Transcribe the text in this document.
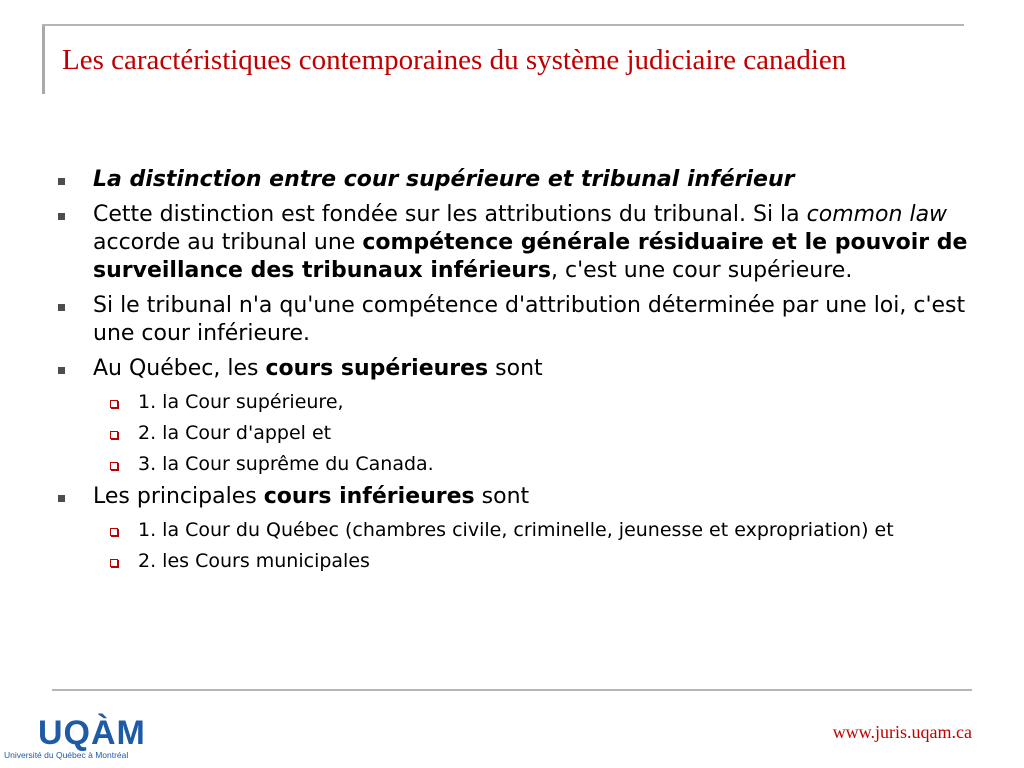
Les caractéristiques contemporaines du système judiciaire canadien
La distinction entre cour supérieure et tribunal inférieur
Cette distinction est fondée sur les attributions du tribunal. Si la common law accorde au tribunal une compétence générale résiduaire et le pouvoir de surveillance des tribunaux inférieurs, c'est une cour supérieure.
Si le tribunal n'a qu'une compétence d'attribution déterminée par une loi, c'est une cour inférieure.
Au Québec, les cours supérieures sont
1. la Cour supérieure,
2. la Cour d'appel et
3. la Cour suprême du Canada.
Les principales cours inférieures sont
1. la Cour du Québec (chambres civile, criminelle, jeunesse et expropriation) et
2. les Cours municipales
UQÀM
Université du Québec à Montréal
www.juris.uqam.ca
